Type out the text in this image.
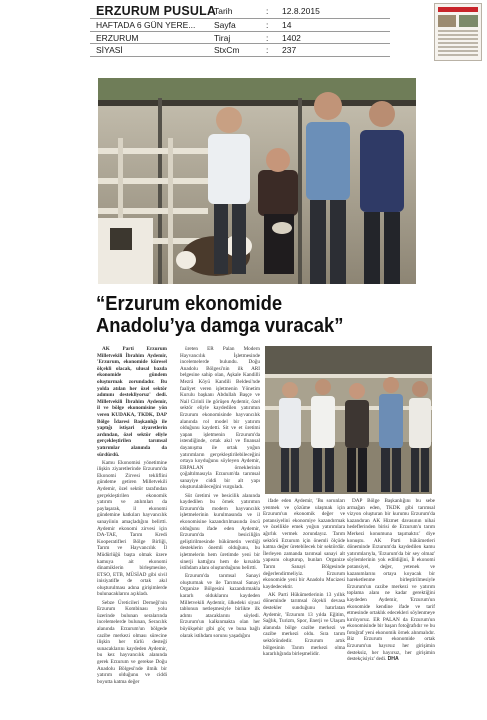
ERZURUM PUSULA
HAFTADA 6 GÜN YERE...
ERZURUM
SİYASİ
Tarih	: 12.8.2015
Sayfa	: 14
Tiraj	: 1402
StxCm	: 237
“Erzurum ekonomide
Anadolu’ya damga vuracak”

AK Parti Erzurum Milletvekili İbrahim Aydemir, 'Erzurum, ekonomide küresel ölçekli olacak, ulusal bazda ekonomide gündem oluşturmak zorundadır. Bu yolda atılan her özel sektör adımını destekliyoruz' dedi. Milletvekili İbrahim Aydemir, il ve bölge ekonomisine yön veren KUDAKA, TKDK, DAP Bölge İdaresi Başkanlığı ile yaptığı istişari ziyaretlerin ardından, özel sektör eliyle gerçekleştirilen tarımsal yatırımlar alanında da sürdürdü.

Kamu Ekonomisi yönetimine ilişkin ziyaretlerinde Erzurum'da Ekonomi Zirvesi tekliflini gündeme getiren Milletvekili Aydemir, özel sektör tarafından gerçekleştirilen ekonomik yatırım ve atılımları da paylaşarak, il ekonomi gündemine katkıları hayvancılık sanayiinin amaçladığını belirtti. Aydemir ekonomi zirvesi için DA-TAE, Tarım Kredi Kooperatifleri Bölge Birliği, Tarım ve Hayvancılık İl Müdürlüğü başta olmak üzere kamuya ait ekonomi dinamiklerin birleşmesine, ETSO, ETB, MÜSİAD gibi sivil inisiyatifle de ortak akıl oluşturulması adına girişimlerde bulunacaklarını açıkladı.

Sebze Üreticileri Derneği'nin Erzurum Kombinası yolu üzerinde bulunan seralarında incelemelerde bulunan, Seracılık alanında Erzurum'un bölgede cazibe merkezi olması sürecine ilişkin her türlü desteği sunacaklarını kaydeden Aydemir, bu kez hayvancılık alanında gerek Erzurum ve gerekse Doğu Anadolu Bölgesi'nde ilmik bir yatırım olduğunu ve ciddi boyutta katma değer

üreten ER Palan Modern Hayvancılık İşletmesinde incelemelerde bulundu. Doğu Anadolu Bölgesi'nin ilk ARI belgesine sahip olan, Aşkale Kandilli Mezrâ Köyü Kandili Beldesi'nde faaliyet veren işletmenin Yönetim Kurulu başkanı Abdullah Başçe ve Nail Cirinli ile görüşen Aydemir, özel sektör eliyle kaydedilen yatırımın Erzurum ekonomisinde hayvancılık alanında rol model bir yatırım olduğunu kaydetti. Sit ve et üretimi yapan işletmenin Erzurum'da istendiğinde, ortak akıl ve finansal dayanışma ile ortak yoğun yatırımların gerçekleştirilebileceğini ortaya koyduğunu söyleyen Aydemir, ERPALAN örneklerinin çoğaltılmasıyla Erzurum'da tarımsal sanayiye ciddi bir alt yapı oluşturulabileceğini vurguladı.

Süt üretimi ve besicilik alanında kaydedilen bu örnek yatırımın Erzurum'da modern hayvancılık işletmelerinin kurulmasında ve il ekonomisine kazandırılmasında öncü olduğunu ifade eden Aydemir, Erzurum'da besiciliğin geliştirilmesinde hükümetin verdiği desteklerin önemli olduğunu, bu işletmelerin hem üretimde yeni bir sinerji kattığını hem de kırsalda istihdam alanı oluşturduğunu belirtti.

Erzurum'da tarımsal Sanayi oluşturmak ve ile Tarımsal Sanayi Organize Bölgesini kazandırmakla kararlı olduklarını kaydeden Milletvekili Aydemir, ülkedeki siyasi tablonun netleşmesiyle birlikte ilk adımı atacaklarını söyledi. Erzurum'un kalkınmakta olan her büyükşehir gibi göç ve buna bağlı olarak istihdam sorunu yaşadığını

ifade eden Aydemir, 'Bu sorunları yenmek ve çözüme ulaşmak için Erzurum'un ekonomik değer ve potansiyelini ekonomiye kazandırmak ve özellikle emek yoğun yatırımlara ağırlık vermek zorundayız. Tarım sektörü Erzurum için önemli ölçüde katma değer üretebilecek bir sektördür. İlerleyen zamanda tarımsal sanayi alt yapısını oluşturup, bunları Organize Tarım Sanayi Bölgesinde değerlendirmeliyiz. Erzurum ekonomide yeni bir Anadolu Mucizesi kaydedecektir.

AK Parti Hükümetlerinin 13 yıllık döneminde tarımsal ölçekli devasa destekler sunduğunu hatırlatan Aydemir, 'Erzurum 13 yılda Eğitim, Sağlık, Turizm, Spor, Enerji ve Ulaşım alanında bölge cazibe merkezi ve cazibe merkezi oldu. Sıra tarım sektöründedir. Erzurum artık bölgesinin Tarım merkezi olma kararlılığında birleşmelidir.

DAP Bölge Başkanlığını bu sebe armağan eden, TKDK gibi tarımsal vizyon oluşturan bir kurumu Erzurum'da kazandıran AK Hizmet davasının nihai hedeflerinden birisi de Erzurum'u tarım Merkezi konumuna taşımaktır.' diye konuştu. AK Parti hükümetleri döneminde Erzurum'da kaydedilen kamu yatırımlarıyla, 'Erzurum'da bir sey olmaz' söylemlerinin yok edildiğini, İl ekonomi potansiyel, değer, yetenek ve kazanımlarını ortaya koyacak bir hareketlenme birleştirilmesiyle Erzurum'un cazibe merkezi ve yatırım toplama alanı ne kadar gerektiğini kaydeden Aydemir, 'Erzurum'un ekonomide kendine ifade ve tarif etmesinde ortaklık edecekleri söylenmeye kırılıyoruz. ER PALAN da Erzurum'un ekonomisinde bir başarı fotoğrafıdır ve bu fotoğraf yeni ekonomik örnek alınmalıdır. Biz Erzurum ekonomide ortak Erzurum'un hayırsız her girişimin desteksiz, her hayırsız, her girişimin destekçisiyiz' dedi. DHA
